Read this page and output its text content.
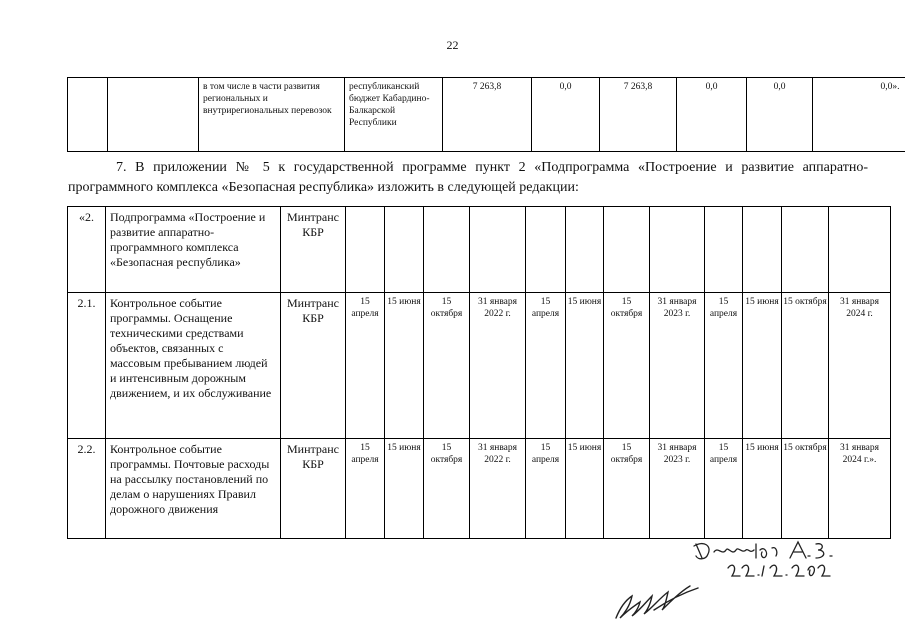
22
		в том числе в части развития региональных и внутрирегиональных перевозок	республиканский бюджет Кабардино-Балкарской Республики	7 263,8	0,0	7 263,8	0,0	0,0	0,0».
7. В приложении № 5 к государственной программе пункт 2 «Подпрограмма «Построение и развитие аппаратно-программного комплекса «Безопасная республика» изложить в следующей редакции:
«2.	Подпрограмма «Построение и развитие аппаратно-программного комплекса «Безопасная республика»	Минтранс КБР												
2.1.	Контрольное событие программы. Оснащение техническими средствами объектов, связанных с массовым пребыванием людей и интенсивным дорожным движением, и их обслуживание	Минтранс КБР	15 апреля	15 июня	15 октября	31 января 2022 г.	15 апреля	15 июня	15 октября	31 января 2023 г.	15 апреля	15 июня	15 октября	31 января 2024 г.
2.2.	Контрольное событие программы. Почтовые расходы на рассылку постановлений по делам о нарушениях Правил дорожного движения	Минтранс КБР	15 апреля	15 июня	15 октября	31 января 2022 г.	15 апреля	15 июня	15 октября	31 января 2023 г.	15 апреля	15 июня	15 октября	31 января 2024 г.».
